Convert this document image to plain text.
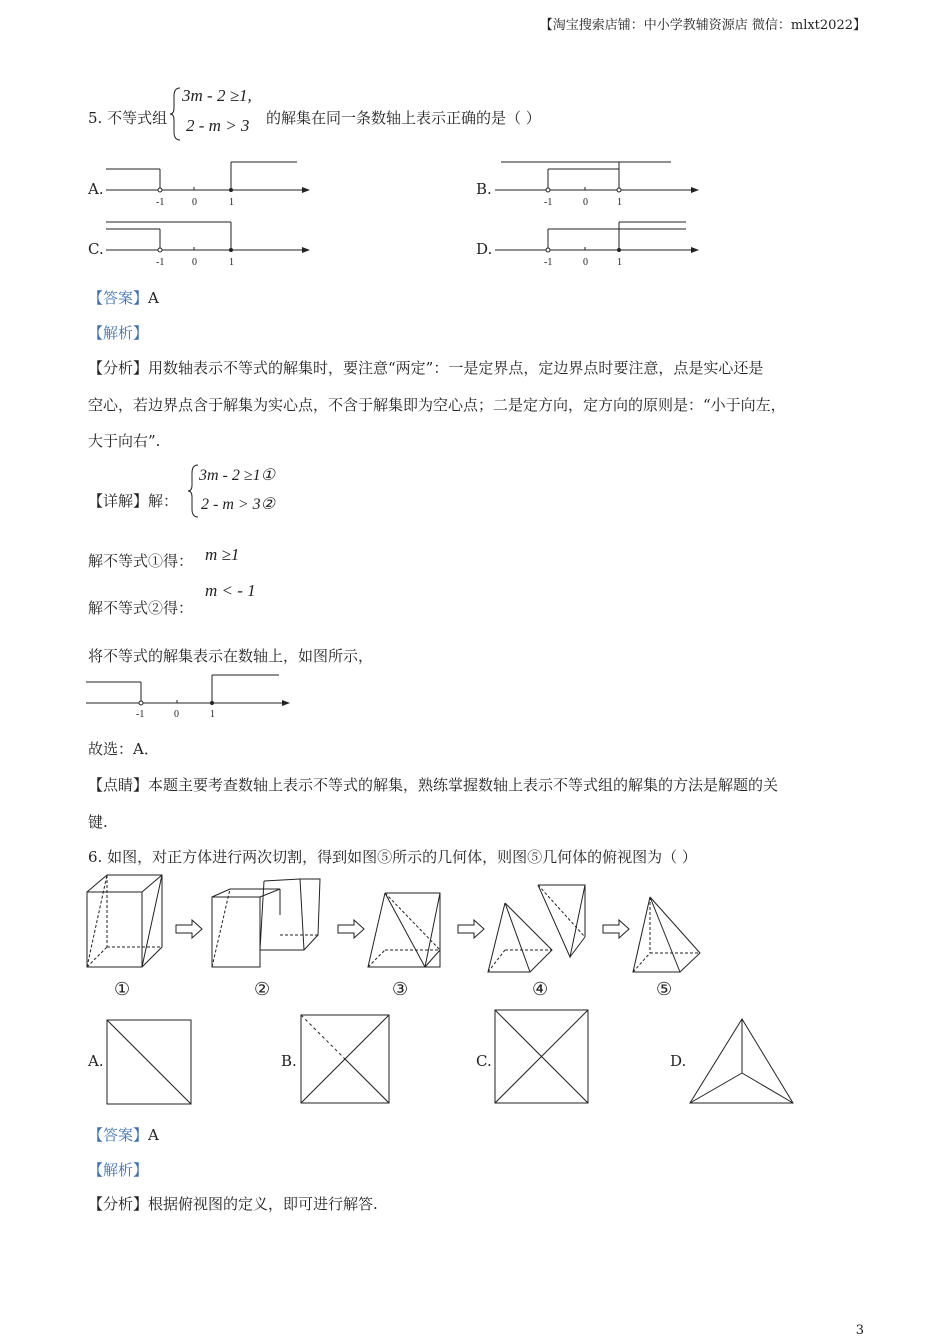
【淘宝搜索店铺：中小学教辅资源店 微信：mlxt2022】
5. 不等式组
3m - 2 ≥1,
2 - m > 3 的解集在同一条数轴上表示正确的是（ ）
A.
-1	0	1
B.
-1	0	1
C.
-1	0	1
D.
-1	0	1
【答案】A
【解析】
【分析】用数轴表示不等式的解集时，要注意“两定”：一是定界点，定边界点时要注意，点是实心还是
空心，若边界点含于解集为实心点，不含于解集即为空心点；二是定方向，定方向的原则是：“小于向左，
大于向右”.
【详解】解：
3m - 2 ≥1①
2 - m > 3②
解不等式①得： m ≥1
解不等式②得：
m < - 1
将不等式的解集表示在数轴上，如图所示，
-1	0	1
故选：A．
【点睛】本题主要考查数轴上表示不等式的解集，熟练掌握数轴上表示不等式组的解集的方法是解题的关
键.
6. 如图，对正方体进行两次切割，得到如图⑤所示的几何体，则图⑤几何体的俯视图为（ ）
①	②	③	④	⑤
A.	B.	C.	D.
【答案】A
【解析】
【分析】根据俯视图的定义，即可进行解答.
3
